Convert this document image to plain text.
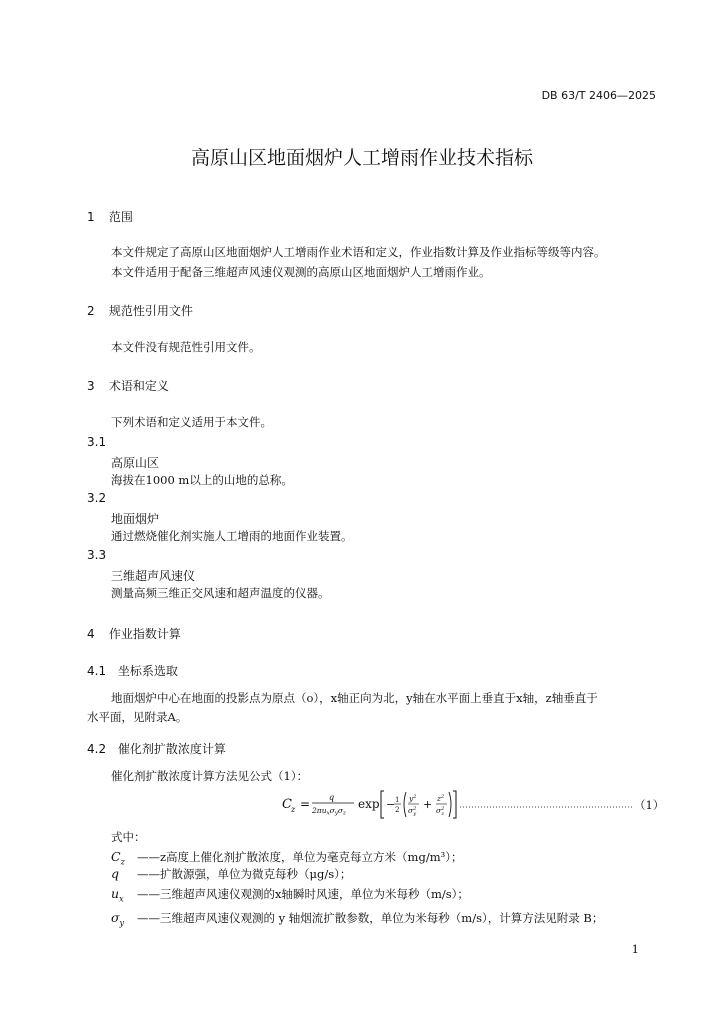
DB 63/T 2406—2025
高原山区地面烟炉人工增雨作业技术指标
1 范围
本文件规定了高原山区地面烟炉人工增雨作业术语和定义，作业指数计算及作业指标等级等内容。
本文件适用于配备三维超声风速仪观测的高原山区地面烟炉人工增雨作业。
2 规范性引用文件
本文件没有规范性引用文件。
3 术语和定义
下列术语和定义适用于本文件。
3.1
高原山区
海拔在1000 m以上的山地的总称。
3.2
地面烟炉
通过燃烧催化剂实施人工增雨的地面作业装置。
3.3
三维超声风速仪
测量高频三维正交风速和超声温度的仪器。
4 作业指数计算
4.1 坐标系选取
地面烟炉中心在地面的投影点为原点（o），x轴正向为北，y轴在水平面上垂直于x轴，z轴垂直于
水平面，见附录A。
4.2 催化剂扩散浓度计算
催化剂扩散浓度计算方法见公式（1）：
C z = q
$2\pi u_x\sigma_y\sigma_z$
exp − 1
2
$y^2$
$\sigma^2$ y
+ $z^2$
$\sigma^2$ z
（1）
式中：
$C_z$ ——z高度上催化剂扩散浓度，单位为毫克每立方米（mg/m³）；
q ——扩散源强，单位为微克每秒（μg/s）；
$u_x$ ——三维超声风速仪观测的x轴瞬时风速，单位为米每秒（m/s）；
$\sigma_y$ ——三维超声风速仪观测的 y 轴烟流扩散参数，单位为米每秒（m/s），计算方法见附录 B；
1
